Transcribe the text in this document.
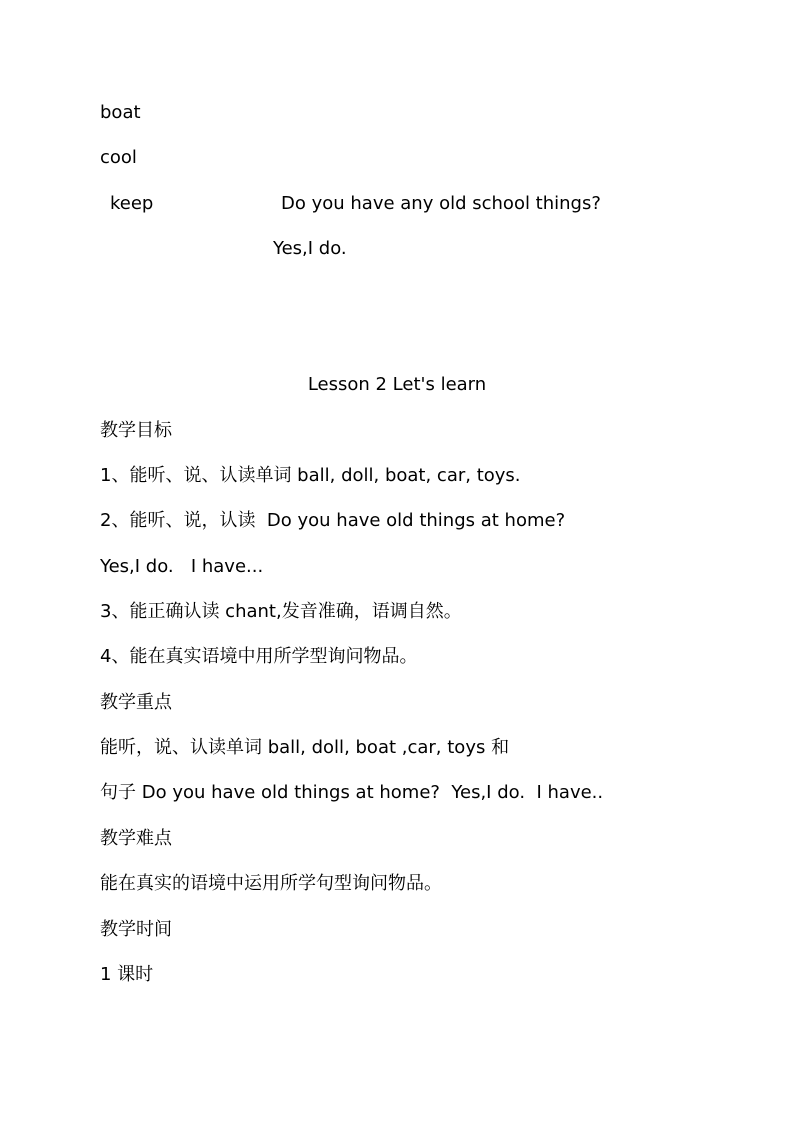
boat
cool
keep	Do you have any old school things?
Yes,I do.
Lesson 2 Let's learn
教学目标
1、能听、说、认读单词 ball, doll, boat, car, toys.
2、能听、说，认读  Do you have old things at home?
Yes,I do.   I have...
3、能正确认读 chant,发音准确，语调自然。
4、能在真实语境中用所学型询问物品。
教学重点
能听，说、认读单词 ball, doll, boat ,car, toys 和
句子 Do you have old things at home?  Yes,I do.  I have..
教学难点
能在真实的语境中运用所学句型询问物品。
教学时间
1 课时
